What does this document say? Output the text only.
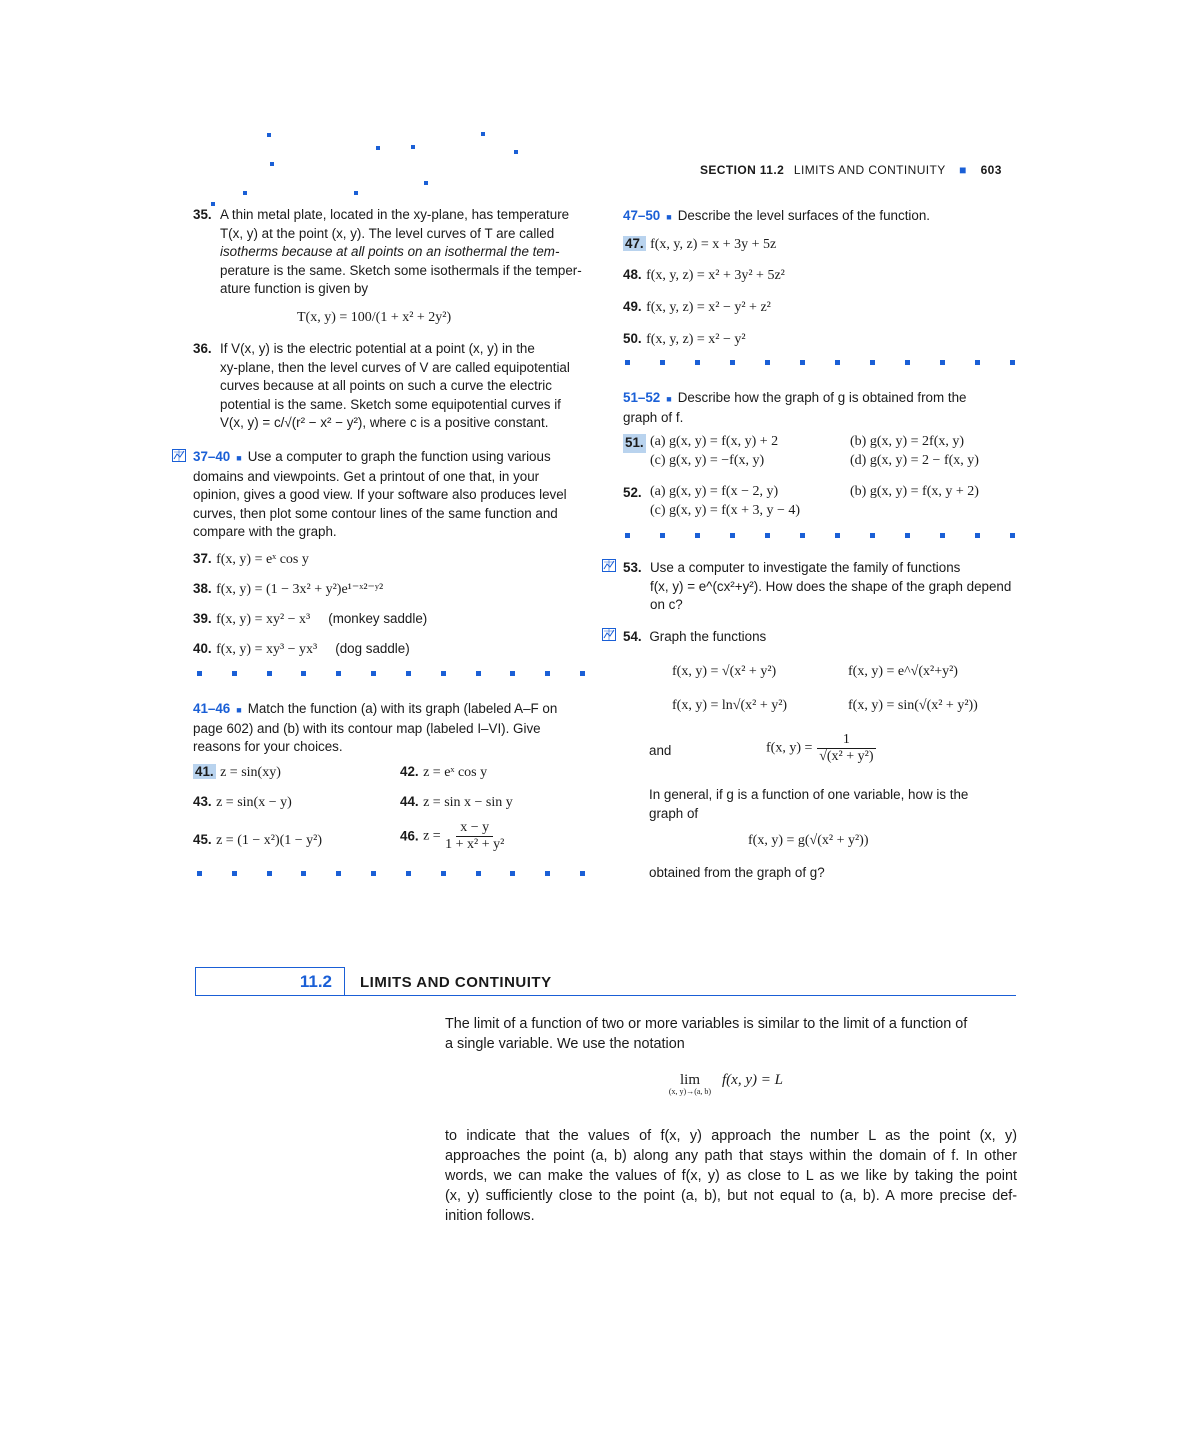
SECTION 11.2 LIMITS AND CONTINUITY ■ 603
35. A thin metal plate, located in the xy-plane, has temperature
T(x, y) at the point (x, y). The level curves of T are called
isotherms because at all points on an isothermal the tem-
perature is the same. Sketch some isothermals if the temper-
ature function is given by
T(x, y) = 100/(1 + x² + 2y²)
36. If V(x, y) is the electric potential at a point (x, y) in the
xy-plane, then the level curves of V are called equipotential
curves because at all points on such a curve the electric
potential is the same. Sketch some equipotential curves if
V(x, y) = c/√(r² − x² − y²), where c is a positive constant.
37–40 ■ Use a computer to graph the function using various
domains and viewpoints. Get a printout of one that, in your
opinion, gives a good view. If your software also produces level
curves, then plot some contour lines of the same function and
compare with the graph.
37. f(x, y) = eˣ cos y
38. f(x, y) = (1 − 3x² + y²)e¹⁻ˣ²⁻ʸ²
39. f(x, y) = xy² − x³ (monkey saddle)
40. f(x, y) = xy³ − yx³ (dog saddle)
41–46 ■ Match the function (a) with its graph (labeled A–F on
page 602) and (b) with its contour map (labeled I–VI). Give
reasons for your choices.
41. z = sin(xy)	42. z = eˣ cos y
43. z = sin(x − y)	44. z = sin x − sin y
45. z = (1 − x²)(1 − y²)	46. $z = \frac{x - y}{\text{1 + x² + y²}}$
47–50 ■ Describe the level surfaces of the function.
47. f(x, y, z) = x + 3y + 5z
48. f(x, y, z) = x² + 3y² + 5z²
49. f(x, y, z) = x² − y² + z²
50. f(x, y, z) = x² − y²
51–52 ■ Describe how the graph of g is obtained from the
graph of f.
51. (a) g(x, y) = f(x, y) + 2	(b) g(x, y) = 2f(x, y)
(c) g(x, y) = −f(x, y)	(d) g(x, y) = 2 − f(x, y)
52. (a) g(x, y) = f(x − 2, y)	(b) g(x, y) = f(x, y + 2)
(c) g(x, y) = f(x + 3, y − 4)
53. Use a computer to investigate the family of functions
f(x, y) = e^(cx²+y²). How does the shape of the graph depend
on c?
54. Graph the functions
f(x, y) = √(x² + y²)	f(x, y) = e^√(x²+y²)
f(x, y) = ln√(x² + y²)	f(x, y) = sin(√(x² + y²))
and	f(x, $y) = \frac{1}{\text{√(x² + y²)}}$
In general, if g is a function of one variable, how is the
graph of
f(x, y) = g(√(x² + y²))
obtained from the graph of g?
11.2 LIMITS AND CONTINUITY
The limit of a function of two or more variables is similar to the limit of a function of
a single variable. We use the notation
lim
(x, y)→(a, b)
f(x, y) = L
to indicate that the values of f(x, y) approach the number L as the point (x, y)
approaches the point (a, b) along any path that stays within the domain of f. In other
words, we can make the values of f(x, y) as close to L as we like by taking the point
(x, y) sufficiently close to the point (a, b), but not equal to (a, b). A more precise def-
inition follows.
